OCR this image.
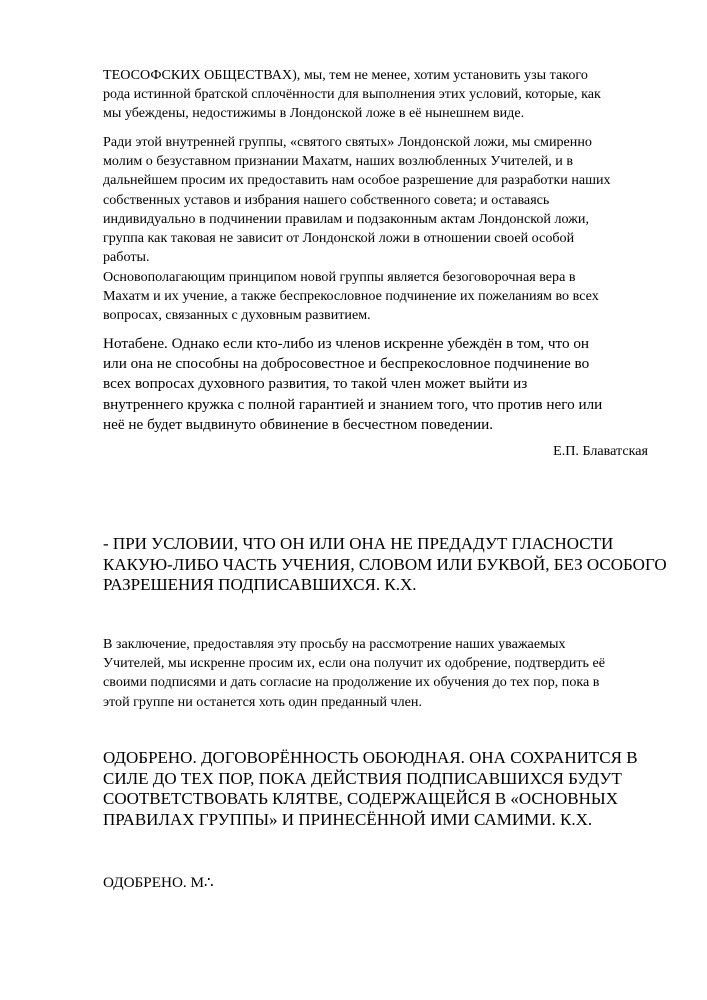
ТЕОСОФСКИХ ОБЩЕСТВАХ), мы, тем не менее, хотим установить узы такого
рода истинной братской сплочённости для выполнения этих условий, которые, как
мы убеждены, недостижимы в Лондонской ложе в её нынешнем виде.

Ради этой внутренней группы, «святого святых» Лондонской ложи, мы смиренно
молим о безуставном признании Махатм, наших возлюбленных Учителей, и в
дальнейшем просим их предоставить нам особое разрешение для разработки наших
собственных уставов и избрания нашего собственного совета; и оставаясь
индивидуально в подчинении правилам и подзаконным актам Лондонской ложи,
группа как таковая не зависит от Лондонской ложи в отношении своей особой
работы.

Основополагающим принципом новой группы является безоговорочная вера в
Махатм и их учение, а также беспрекословное подчинение их пожеланиям во всех
вопросах, связанных с духовным развитием.

Нотабене. Однако если кто-либо из членов искренне убеждён в том, что он
или она не способны на добросовестное и беспрекословное подчинение во
всех вопросах духовного развития, то такой член может выйти из
внутреннего кружка с полной гарантией и знанием того, что против него или
неё не будет выдвинуто обвинение в бесчестном поведении.

Е.П. Блаватская

- ПРИ УСЛОВИИ, ЧТО ОН ИЛИ ОНА НЕ ПРЕДАДУТ ГЛАСНОСТИ
КАКУЮ-ЛИБО ЧАСТЬ УЧЕНИЯ, СЛОВОМ ИЛИ БУКВОЙ, БЕЗ ОСОБОГО
РАЗРЕШЕНИЯ ПОДПИСАВШИХСЯ. К.Х.

В заключение, предоставляя эту просьбу на рассмотрение наших уважаемых
Учителей, мы искренне просим их, если она получит их одобрение, подтвердить её
своими подписями и дать согласие на продолжение их обучения до тех пор, пока в
этой группе ни останется хоть один преданный член.

ОДОБРЕНО. ДОГОВОРЁННОСТЬ ОБОЮДНАЯ. ОНА СОХРАНИТСЯ В
СИЛЕ ДО ТЕХ ПОР, ПОКА ДЕЙСТВИЯ ПОДПИСАВШИХСЯ БУДУТ
СООТВЕТСТВОВАТЬ КЛЯТВЕ, СОДЕРЖАЩЕЙСЯ В «ОСНОВНЫХ
ПРАВИЛАХ ГРУППЫ» И ПРИНЕСЁННОЙ ИМИ САМИМИ. К.Х.

ОДОБРЕНО. М∴
